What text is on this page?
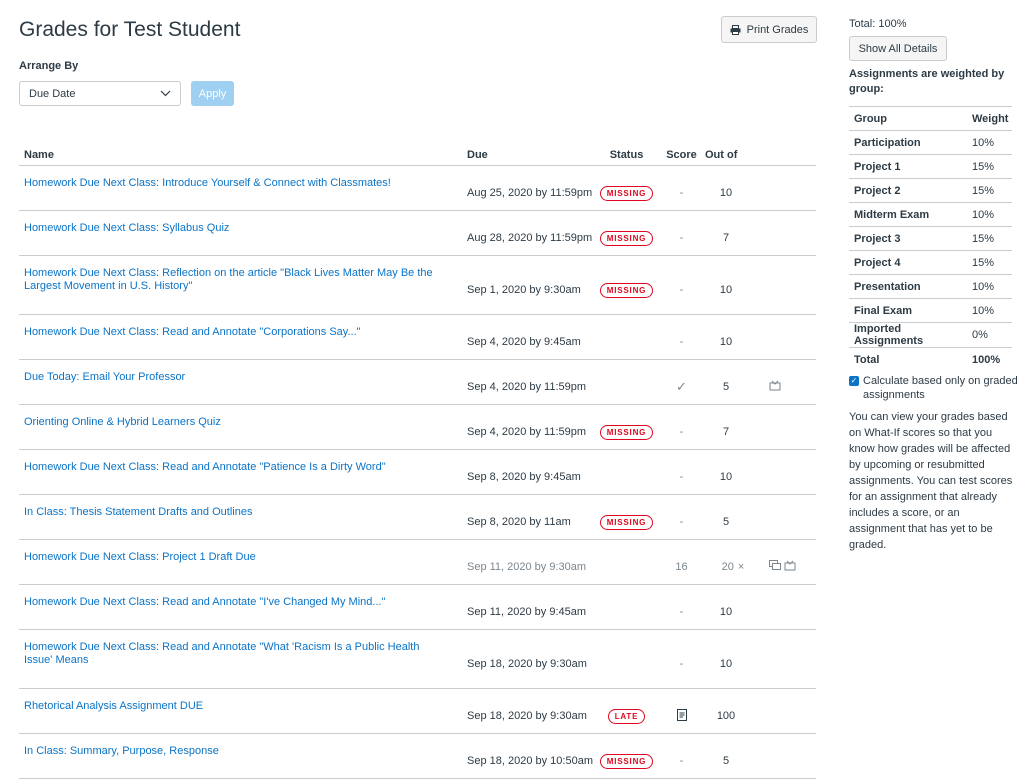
Grades for Test Student	Print Grades
Arrange By
Due Date	Apply
Name	Due	Status	Score	Out of	
Homework Due Next Class: Introduce Yourself & Connect with Classmates!	Aug 25, 2020 by 11:59pm	MISSING	-	10	
Homework Due Next Class: Syllabus Quiz	Aug 28, 2020 by 11:59pm	MISSING	-	7	
Homework Due Next Class: Reflection on the article "Black Lives Matter May Be the Largest Movement in U.S. History"	Sep 1, 2020 by 9:30am	MISSING	-	10	
Homework Due Next Class: Read and Annotate "Corporations Say..."	Sep 4, 2020 by 9:45am		-	10	
Due Today: Email Your Professor	Sep 4, 2020 by 11:59pm		✓	5	
Orienting Online & Hybrid Learners Quiz	Sep 4, 2020 by 11:59pm	MISSING	-	7	
Homework Due Next Class: Read and Annotate "Patience Is a Dirty Word"	Sep 8, 2020 by 9:45am		-	10	
In Class: Thesis Statement Drafts and Outlines	Sep 8, 2020 by 11am	MISSING	-	5	
Homework Due Next Class: Project 1 Draft Due	Sep 11, 2020 by 9:30am		16	20 ×	
Homework Due Next Class: Read and Annotate "I've Changed My Mind..."	Sep 11, 2020 by 9:45am		-	10	
Homework Due Next Class: Read and Annotate "What 'Racism Is a Public Health Issue' Means	Sep 18, 2020 by 9:30am		-	10	
Rhetorical Analysis Assignment DUE	Sep 18, 2020 by 9:30am	LATE		100	
In Class: Summary, Purpose, Response	Sep 18, 2020 by 10:50am	MISSING	-	5	
Total: 100%
Show All Details
Assignments are weighted by group:
Group	Weight
Participation	10%
Project 1	15%
Project 2	15%
Midterm Exam	10%
Project 3	15%
Project 4	15%
Presentation	10%
Final Exam	10%
Imported Assignments	0%
Total	100%
✓ Calculate based only on graded assignments
You can view your grades based on What-If scores so that you know how grades will be affected by upcoming or resubmitted assignments. You can test scores for an assignment that already includes a score, or an assignment that has yet to be graded.
